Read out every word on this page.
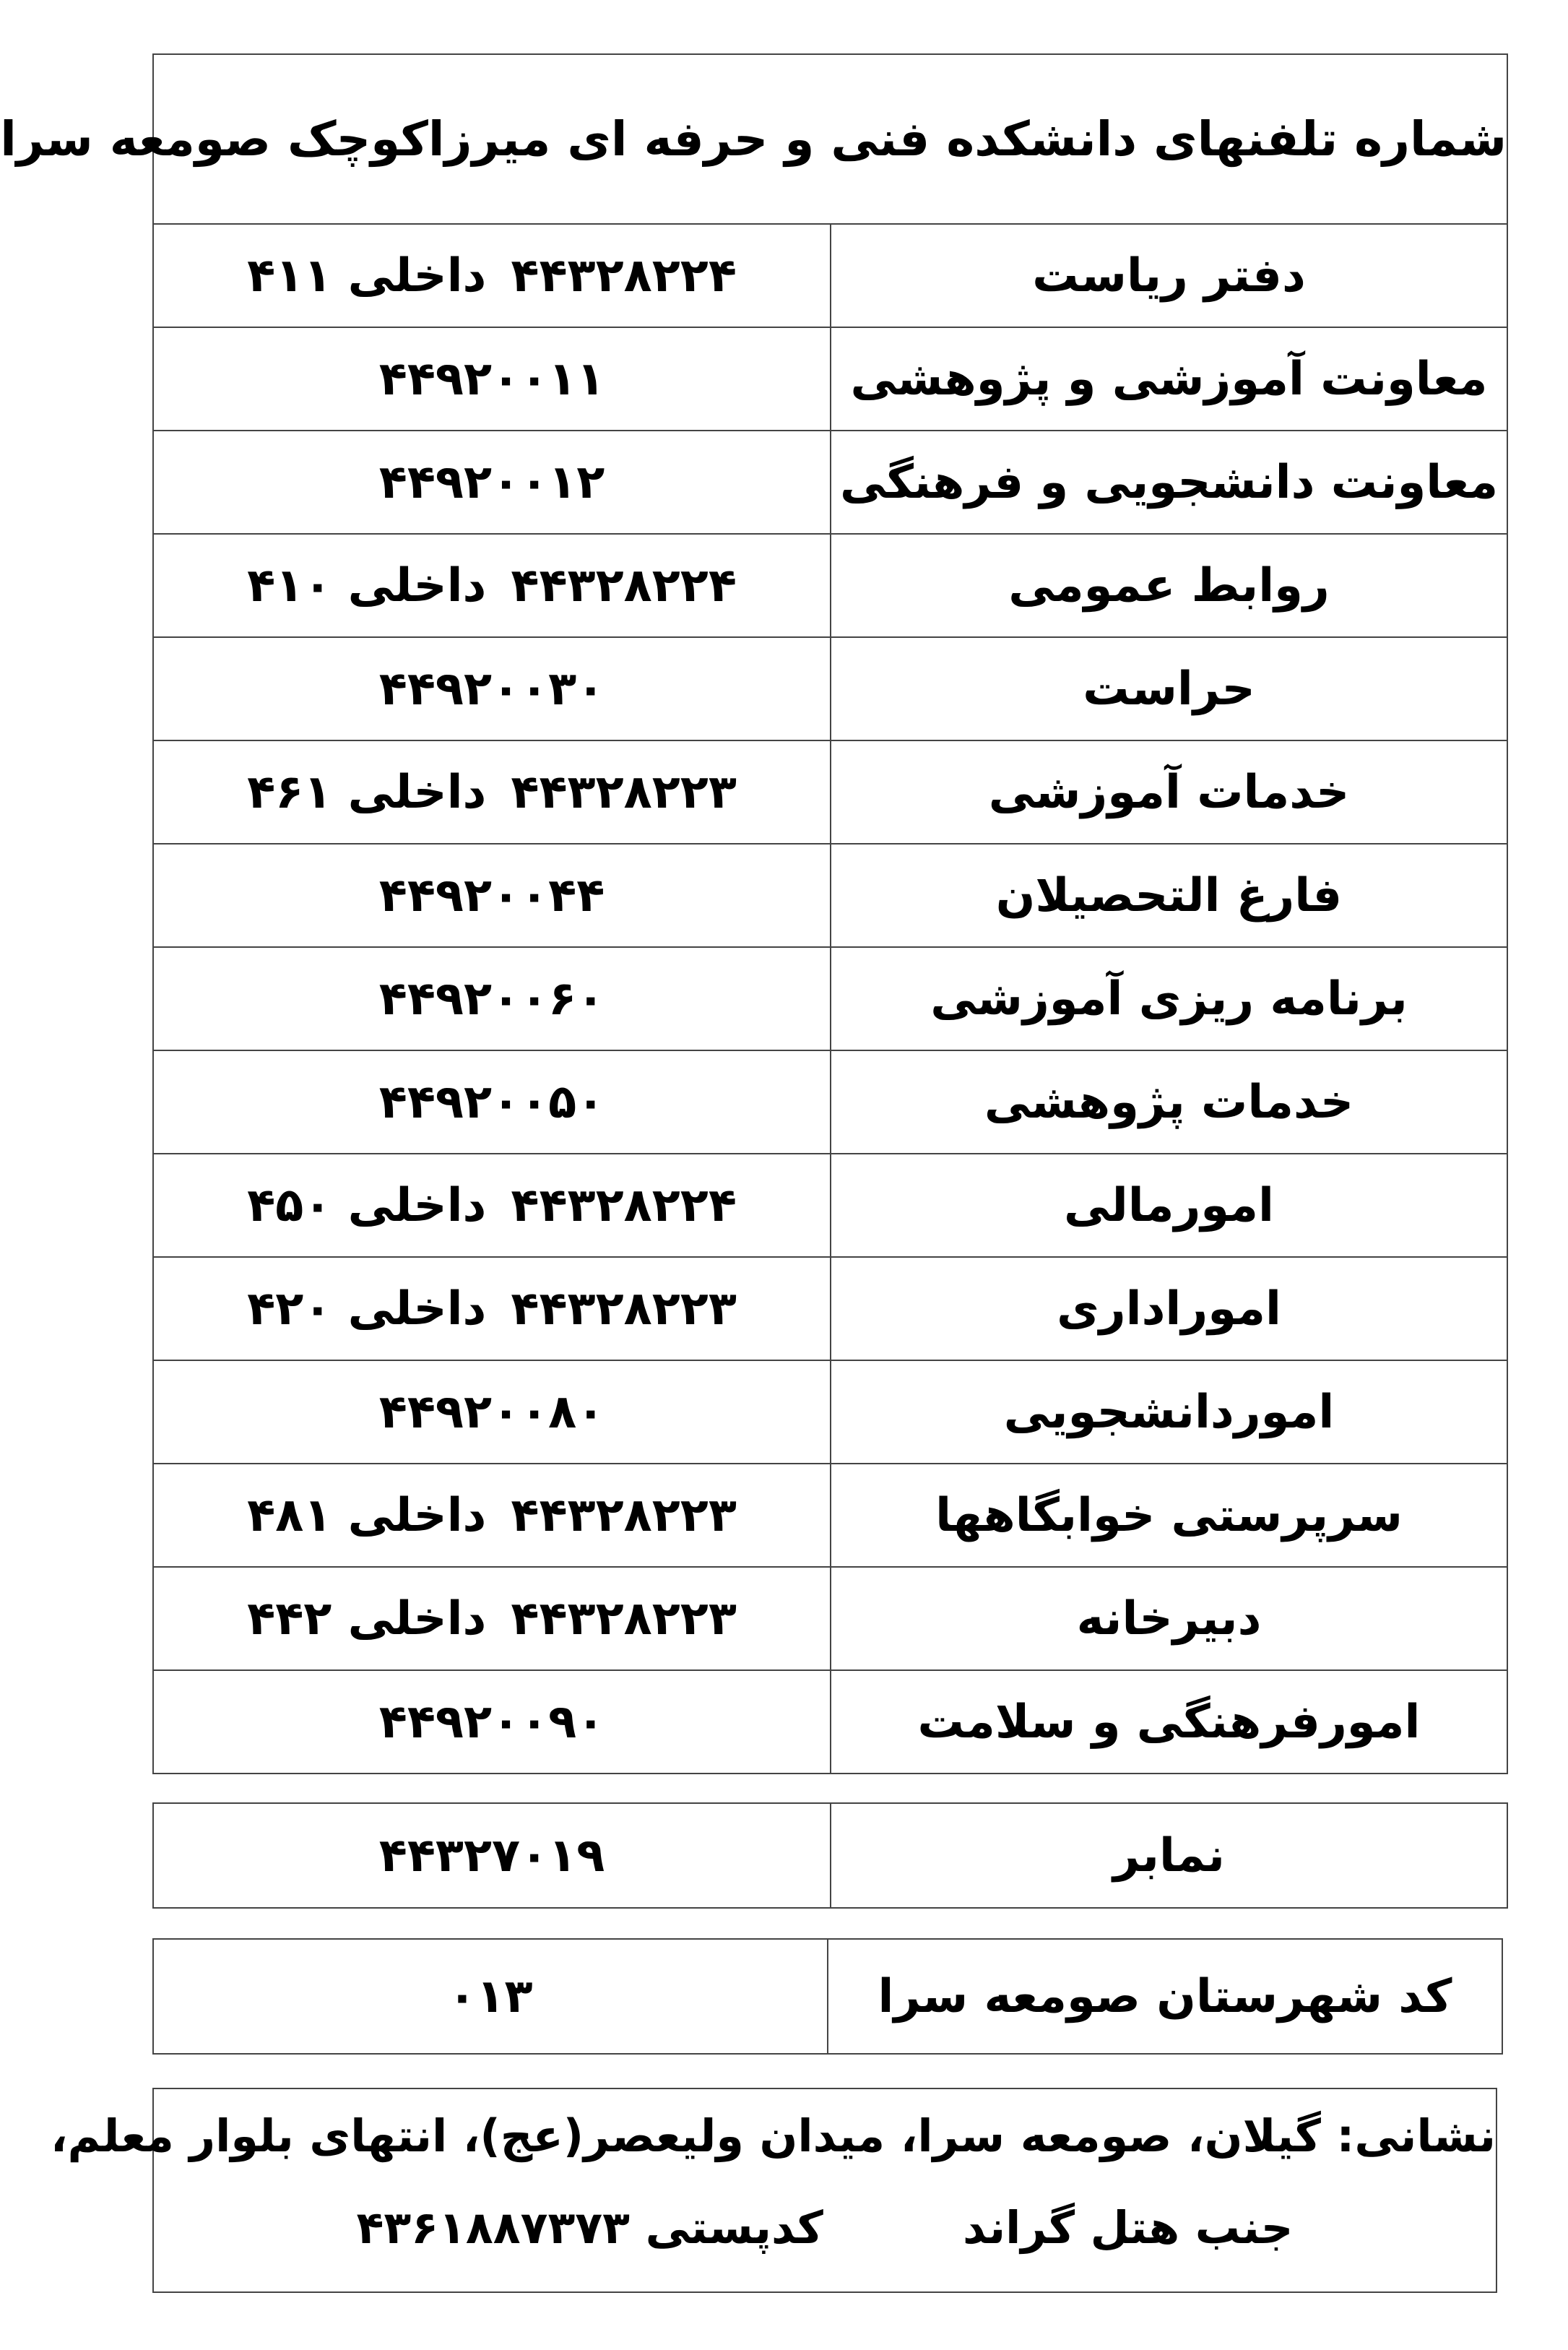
شماره تلفنهای دانشکده فنی و حرفه ای میرزاکوچک صومعه سرا	
دفتر ریاست	۴۴۳۲۸۲۲۴داخلی ۴۱۱
معاونت آموزشی و پژوهشی	۴۴۹۲۰۰۱۱
معاونت دانشجویی و فرهنگی	۴۴۹۲۰۰۱۲
روابط عمومی	۴۴۳۲۸۲۲۴داخلی ۴۱۰
حراست	۴۴۹۲۰۰۳۰
خدمات آموزشی	۴۴۳۲۸۲۲۳داخلی ۴۶۱
فارغ التحصیلان	۴۴۹۲۰۰۴۴
برنامه ریزی آموزشی	۴۴۹۲۰۰۶۰
خدمات پژوهشی	۴۴۹۲۰۰۵۰
امورمالی	۴۴۳۲۸۲۲۴داخلی ۴۵۰
اموراداری	۴۴۳۲۸۲۲۳داخلی ۴۲۰
اموردانشجویی	۴۴۹۲۰۰۸۰
سرپرستی خوابگاهها	۴۴۳۲۸۲۲۳داخلی ۴۸۱
دبیرخانه	۴۴۳۲۸۲۲۳داخلی ۴۴۲
امورفرهنگی و سلامت	۴۴۹۲۰۰۹۰
نمابر	۴۴۳۲۷۰۱۹
کد شهرستان صومعه سرا	۰۱۳
نشانی: گیلان، صومعه سرا، میدان ولیعصر(عج)، انتهای بلوار معلم،
جنب هتل گراند  کدپستی ۴۳۶۱۸۸۷۳۷۳
